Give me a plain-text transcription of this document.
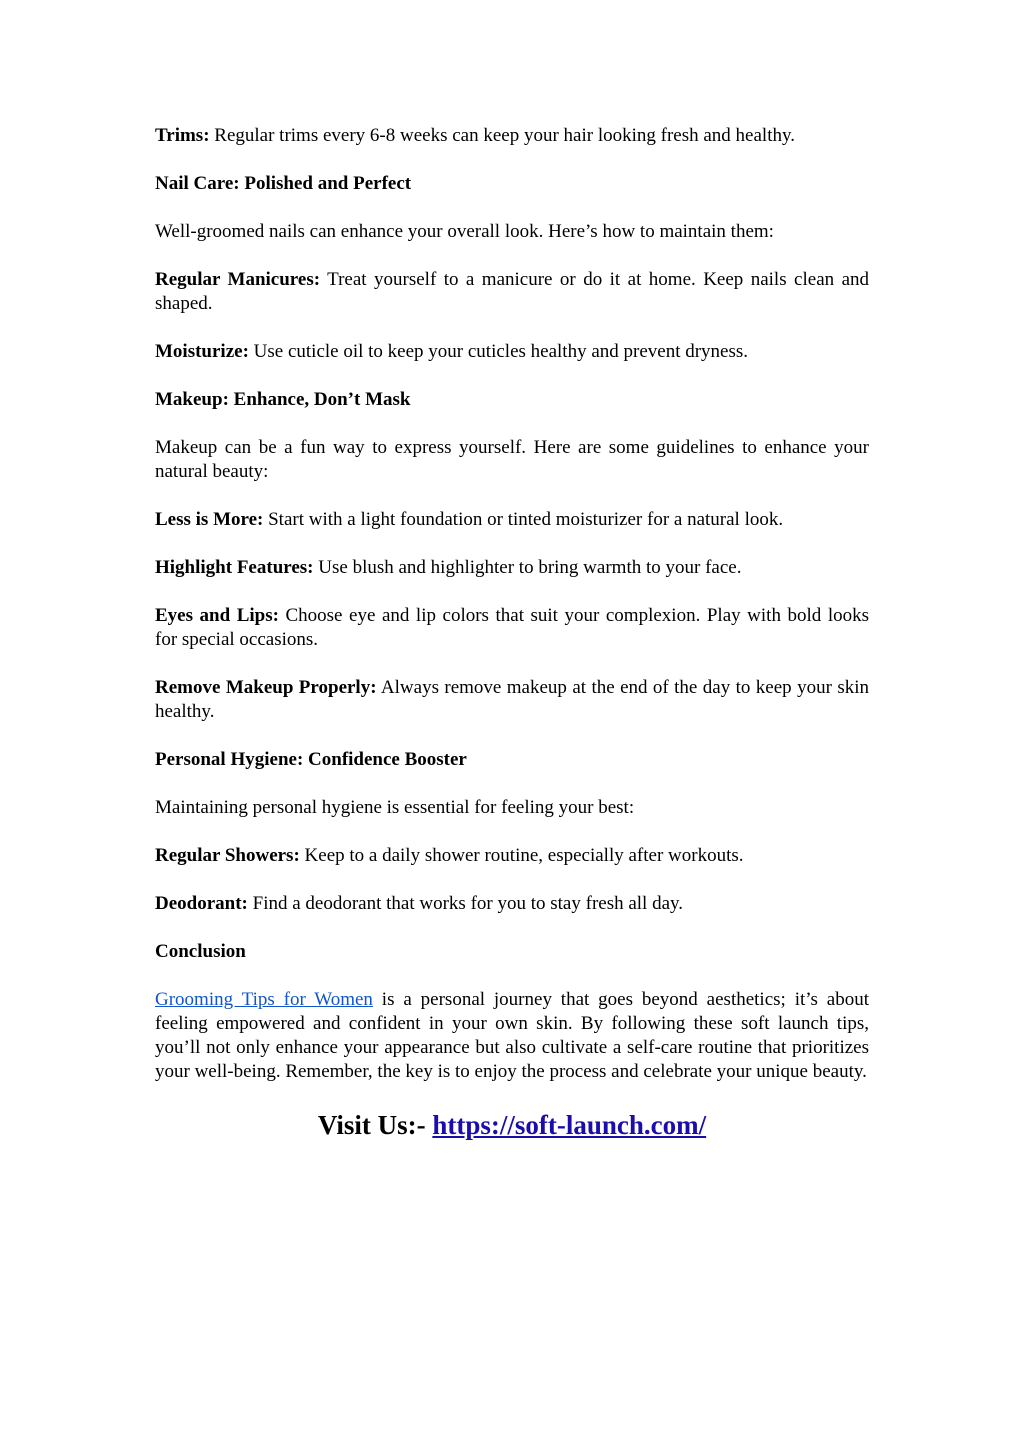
Trims: Regular trims every 6-8 weeks can keep your hair looking fresh and healthy.

Nail Care: Polished and Perfect

Well-groomed nails can enhance your overall look. Here’s how to maintain them:

Regular Manicures: Treat yourself to a manicure or do it at home. Keep nails clean and shaped.

Moisturize: Use cuticle oil to keep your cuticles healthy and prevent dryness.

Makeup: Enhance, Don’t Mask

Makeup can be a fun way to express yourself. Here are some guidelines to enhance your natural beauty:

Less is More: Start with a light foundation or tinted moisturizer for a natural look.

Highlight Features: Use blush and highlighter to bring warmth to your face.

Eyes and Lips: Choose eye and lip colors that suit your complexion. Play with bold looks for special occasions.

Remove Makeup Properly: Always remove makeup at the end of the day to keep your skin healthy.

Personal Hygiene: Confidence Booster

Maintaining personal hygiene is essential for feeling your best:

Regular Showers: Keep to a daily shower routine, especially after workouts.

Deodorant: Find a deodorant that works for you to stay fresh all day.

Conclusion

Grooming Tips for Women is a personal journey that goes beyond aesthetics; it’s about feeling empowered and confident in your own skin. By following these soft launch tips, you’ll not only enhance your appearance but also cultivate a self-care routine that prioritizes your well-being. Remember, the key is to enjoy the process and celebrate your unique beauty.

Visit Us:- https://soft-launch.com/
